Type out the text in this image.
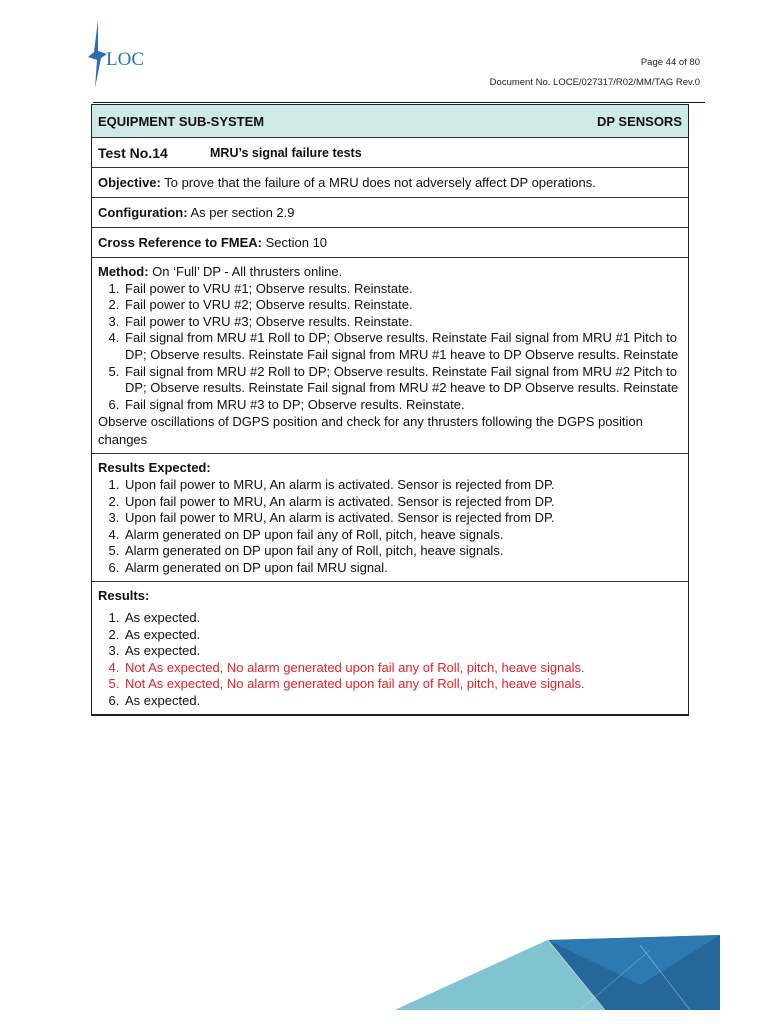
LOC	Page 44 of 80
Document No. LOCE/027317/R02/MM/TAG Rev.0
EQUIPMENT SUB-SYSTEM	DP SENSORS
Test No.14	MRU’s signal failure tests
Objective: To prove that the failure of a MRU does not adversely affect DP operations.
Configuration: As per section 2.9
Cross Reference to FMEA: Section 10
Method: On ‘Full’ DP - All thrusters online.
1. Fail power to VRU #1; Observe results. Reinstate.
2. Fail power to VRU #2; Observe results. Reinstate.
3. Fail power to VRU #3; Observe results. Reinstate.
4. Fail signal from MRU #1 Roll to DP; Observe results. Reinstate Fail signal from MRU #1 Pitch to DP; Observe results. Reinstate Fail signal from MRU #1 heave to DP Observe results. Reinstate
5. Fail signal from MRU #2 Roll to DP; Observe results. Reinstate Fail signal from MRU #2 Pitch to DP; Observe results. Reinstate Fail signal from MRU #2 heave to DP Observe results. Reinstate
6. Fail signal from MRU #3 to DP; Observe results. Reinstate.
Observe oscillations of DGPS position and check for any thrusters following the DGPS position changes
Results Expected:
1. Upon fail power to MRU, An alarm is activated. Sensor is rejected from DP.
2. Upon fail power to MRU, An alarm is activated. Sensor is rejected from DP.
3. Upon fail power to MRU, An alarm is activated. Sensor is rejected from DP.
4. Alarm generated on DP upon fail any of Roll, pitch, heave signals.
5. Alarm generated on DP upon fail any of Roll, pitch, heave signals.
6. Alarm generated on DP upon fail MRU signal.
Results:
1. As expected.
2. As expected.
3. As expected.
4. Not As expected, No alarm generated upon fail any of Roll, pitch, heave signals.
5. Not As expected, No alarm generated upon fail any of Roll, pitch, heave signals.
6. As expected.
